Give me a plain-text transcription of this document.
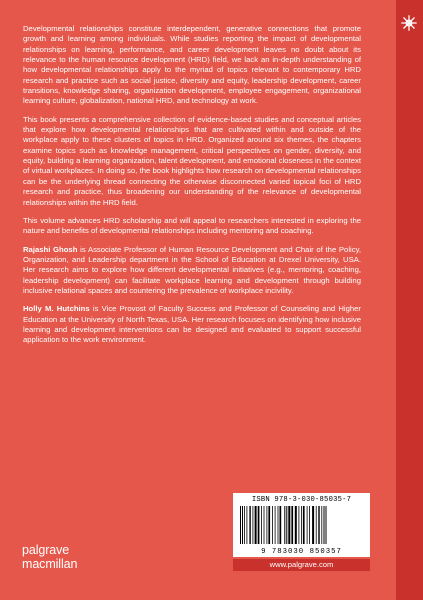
Developmental relationships constitute interdependent, generative connections that promote growth and learning among individuals. While studies reporting the impact of developmental relationships on learning, performance, and career development leaves no doubt about its relevance to the human resource development (HRD) field, we lack an in-depth understanding of how developmental relationships apply to the myriad of topics relevant to contemporary HRD research and practice such as social justice, diversity and equity, leadership development, career transitions, knowledge sharing, organization development, employee engagement, organizational learning culture, globalization, national HRD, and technology at work.

This book presents a comprehensive collection of evidence-based studies and conceptual articles that explore how developmental relationships that are cultivated within and outside of the workplace apply to these clusters of topics in HRD. Organized around six themes, the chapters examine topics such as knowledge management, critical perspectives on gender, diversity, and equity, building a learning organization, talent development, and emotional closeness in the context of virtual workplaces. In doing so, the book highlights how research on developmental relationships can be the underlying thread connecting the otherwise disconnected varied topical foci of HRD research and practice, thus broadening our understanding of the relevance of developmental relationships within the HRD field.

This volume advances HRD scholarship and will appeal to researchers interested in exploring the nature and benefits of developmental relationships including mentoring and coaching.

Rajashi Ghosh is Associate Professor of Human Resource Development and Chair of the Policy, Organization, and Leadership department in the School of Education at Drexel University, USA. Her research aims to explore how different developmental initiatives (e.g., mentoring, coaching, leadership development) can facilitate workplace learning and development through building inclusive relational spaces and countering the prevalence of workplace incivility.

Holly M. Hutchins is Vice Provost of Faculty Success and Professor of Counseling and Higher Education at the University of North Texas, USA. Her research focuses on identifying how inclusive learning and development interventions can be designed and evaluated to support successful application to the work environment.

palgrave
macmillan
ISBN 978-3-030-85035-7
9 783030 850357
www.palgrave.com
